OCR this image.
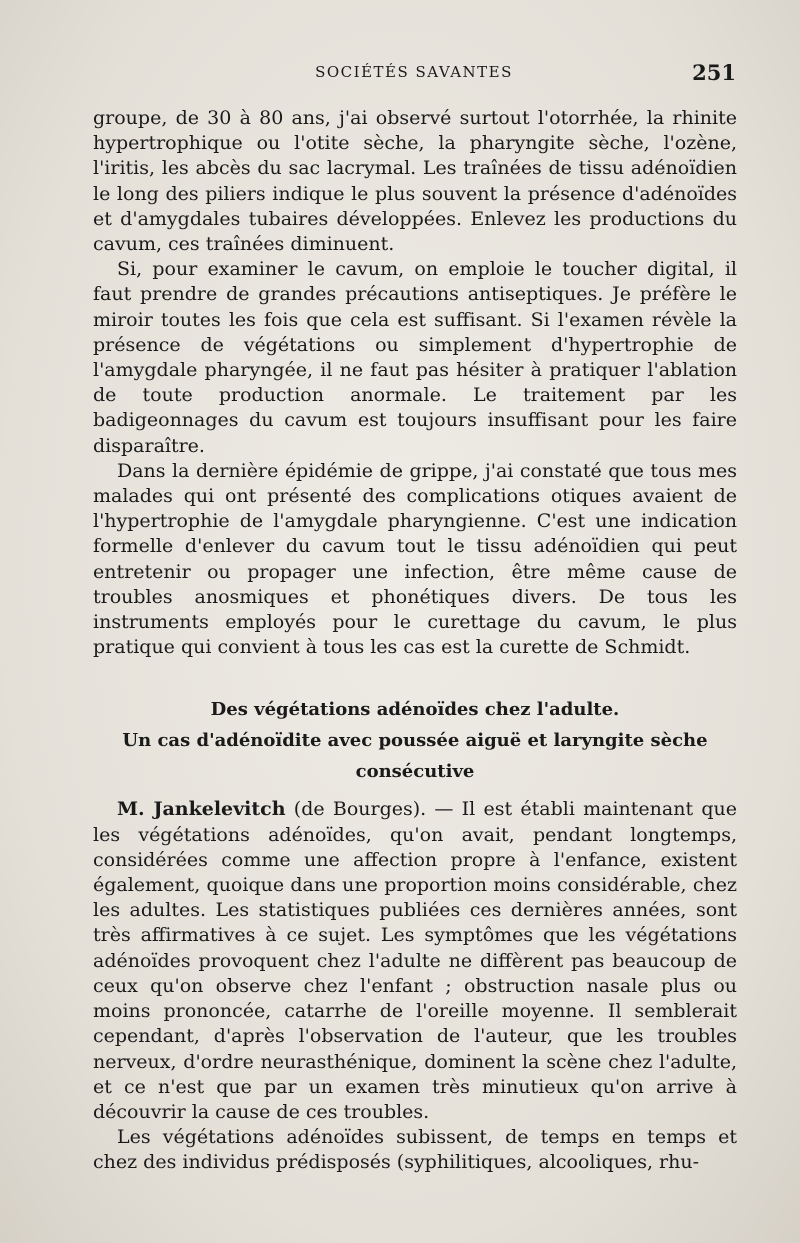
SOCIÉTÉS SAVANTES	251

groupe, de 30 à 80 ans, j'ai observé surtout l'otorrhée, la rhinite hypertrophique ou l'otite sèche, la pharyngite sèche, l'ozène, l'iritis, les abcès du sac lacrymal. Les traînées de tissu adénoïdien le long des piliers indique le plus souvent la présence d'adénoïdes et d'amygdales tubaires développées. Enlevez les productions du cavum, ces traînées diminuent.

Si, pour examiner le cavum, on emploie le toucher digital, il faut prendre de grandes précautions antiseptiques. Je préfère le miroir toutes les fois que cela est suffisant. Si l'examen révèle la présence de végétations ou simplement d'hypertrophie de l'amygdale pharyngée, il ne faut pas hésiter à pratiquer l'ablation de toute production anormale. Le traitement par les badigeonnages du cavum est toujours insuffisant pour les faire disparaître.

Dans la dernière épidémie de grippe, j'ai constaté que tous mes malades qui ont présenté des complications otiques avaient de l'hypertrophie de l'amygdale pharyngienne. C'est une indication formelle d'enlever du cavum tout le tissu adénoïdien qui peut entretenir ou propager une infection, être même cause de troubles anosmiques et phonétiques divers. De tous les instruments employés pour le curettage du cavum, le plus pratique qui convient à tous les cas est la curette de Schmidt.

Des végétations adénoïdes chez l'adulte.
Un cas d'adénoïdite avec poussée aiguë et laryngite sèche
consécutive

M. Jankelevitch (de Bourges). — Il est établi maintenant que les végétations adénoïdes, qu'on avait, pendant longtemps, considérées comme une affection propre à l'enfance, existent également, quoique dans une proportion moins considérable, chez les adultes. Les statistiques publiées ces dernières années, sont très affirmatives à ce sujet. Les symptômes que les végétations adénoïdes provoquent chez l'adulte ne diffèrent pas beaucoup de ceux qu'on observe chez l'enfant ; obstruction nasale plus ou moins prononcée, catarrhe de l'oreille moyenne. Il semblerait cependant, d'après l'observation de l'auteur, que les troubles nerveux, d'ordre neurasthénique, dominent la scène chez l'adulte, et ce n'est que par un examen très minutieux qu'on arrive à découvrir la cause de ces troubles.

Les végétations adénoïdes subissent, de temps en temps et chez des individus prédisposés (syphilitiques, alcooliques, rhu-
